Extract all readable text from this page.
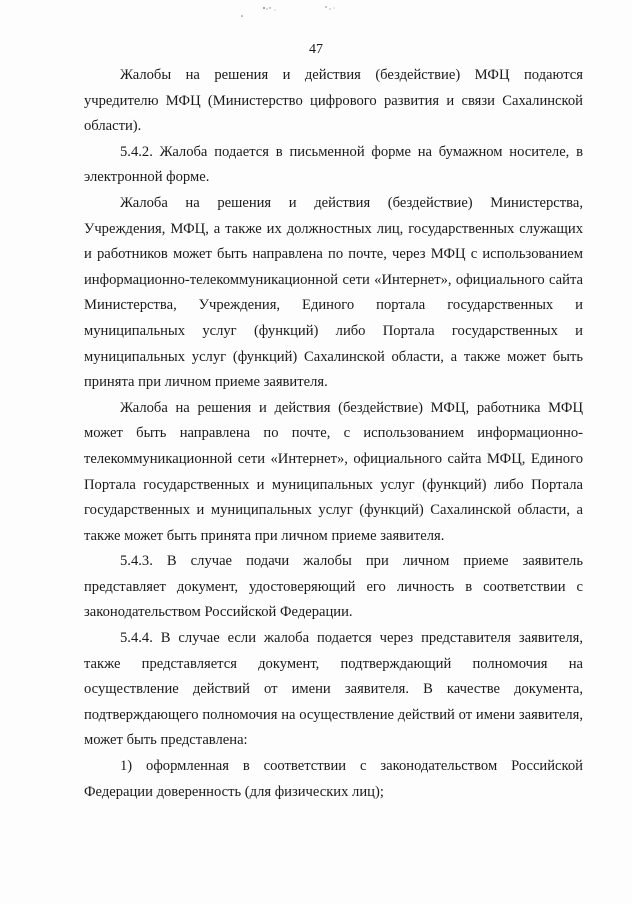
47

Жалобы на решения и действия (бездействие) МФЦ подаются учредителю МФЦ (Министерство цифрового развития и связи Сахалинской области).

5.4.2. Жалоба подается в письменной форме на бумажном носителе, в электронной форме.

Жалоба на решения и действия (бездействие) Министерства, Учреждения, МФЦ, а также их должностных лиц, государственных служащих и работников может быть направлена по почте, через МФЦ с использованием информационно-телекоммуникационной сети «Интернет», официального сайта Министерства, Учреждения, Единого портала государственных и муниципальных услуг (функций) либо Портала государственных и муниципальных услуг (функций) Сахалинской области, а также может быть принята при личном приеме заявителя.

Жалоба на решения и действия (бездействие) МФЦ, работника МФЦ может быть направлена по почте, с использованием информационно-телекоммуникационной сети «Интернет», официального сайта МФЦ, Единого Портала государственных и муниципальных услуг (функций) либо Портала государственных и муниципальных услуг (функций) Сахалинской области, а также может быть принята при личном приеме заявителя.

5.4.3. В случае подачи жалобы при личном приеме заявитель представляет документ, удостоверяющий его личность в соответствии с законодательством Российской Федерации.

5.4.4. В случае если жалоба подается через представителя заявителя, также представляется документ, подтверждающий полномочия на осуществление действий от имени заявителя. В качестве документа, подтверждающего полномочия на осуществление действий от имени заявителя, может быть представлена:

1) оформленная в соответствии с законодательством Российской Федерации доверенность (для физических лиц);
